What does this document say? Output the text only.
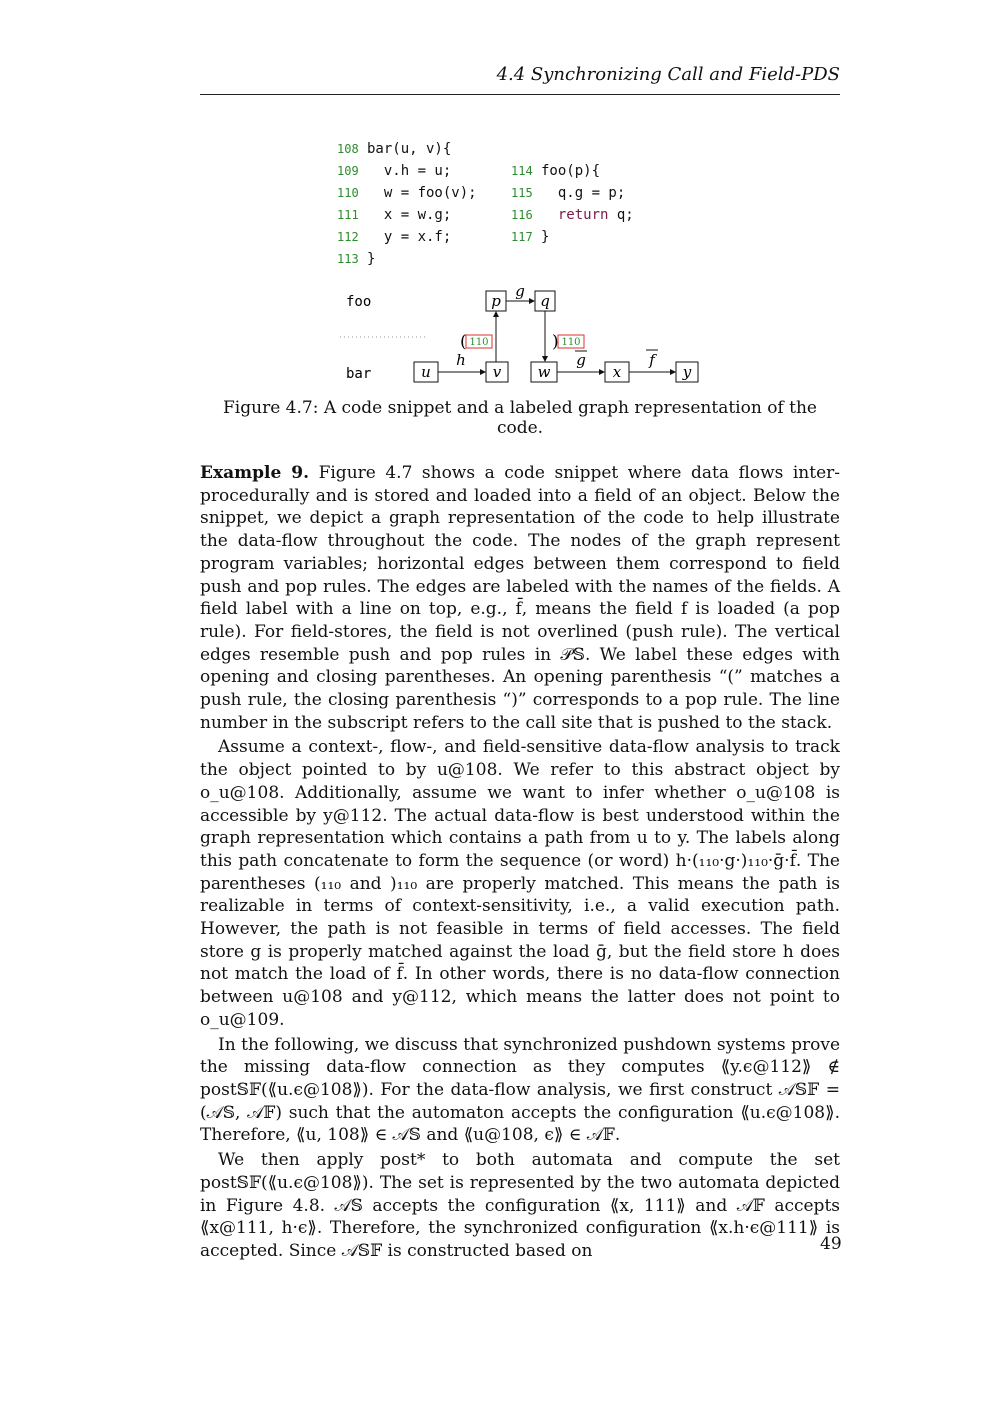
4.4 Synchronizing Call and Field-PDS
108 bar(u, v){
109  v.h = u;
110  w = foo(v);
111  x = w.g;
112  y = x.f;
113 }
114 foo(p){
115  q.g = p;
116 return q;
117 }
foo
bar
p	q
u	v w	x	y
g
h	g	f
( 110	) 110
Figure 4.7: A code snippet and a labeled graph representation of the code.

Example 9. Figure 4.7 shows a code snippet where data flows inter-procedurally and is stored and loaded into a field of an object. Below the snippet, we depict a graph representation of the code to help illustrate the data-flow throughout the code. The nodes of the graph represent program variables; horizontal edges between them correspond to field push and pop rules. The edges are labeled with the names of the fields. A field label with a line on top, e.g., f̄, means the field f is loaded (a pop rule). For field-stores, the field is not overlined (push rule). The vertical edges resemble push and pop rules in 𝒫𝕊. We label these edges with opening and closing parentheses. An opening parenthesis “(” matches a push rule, the closing parenthesis “)” corresponds to a pop rule. The line number in the subscript refers to the call site that is pushed to the stack.

Assume a context-, flow-, and field-sensitive data-flow analysis to track the object pointed to by u@108. We refer to this abstract object by o_u@108. Additionally, assume we want to infer whether o_u@108 is accessible by y@112. The actual data-flow is best understood within the graph representation which contains a path from u to y. The labels along this path concatenate to form the sequence (or word) h·(₁₁₀·g·)₁₁₀·ḡ·f̄. The parentheses (₁₁₀ and )₁₁₀ are properly matched. This means the path is realizable in terms of context-sensitivity, i.e., a valid execution path. However, the path is not feasible in terms of field accesses. The field store g is properly matched against the load ḡ, but the field store h does not match the load of f̄. In other words, there is no data-flow connection between u@108 and y@112, which means the latter does not point to o_u@109.

In the following, we discuss that synchronized pushdown systems prove the missing data-flow connection as they computes ⟪y.ϵ@112⟫ ∉ post𝕊𝔽(⟪u.ϵ@108⟫). For the data-flow analysis, we first construct 𝒜𝕊𝔽 = (𝒜𝕊, 𝒜𝔽) such that the automaton accepts the configuration ⟪u.ϵ@108⟫. Therefore, ⟪u, 108⟫ ∈ 𝒜𝕊 and ⟪u@108, ϵ⟫ ∈ 𝒜𝔽.

We then apply post* to both automata and compute the set post𝕊𝔽(⟪u.ϵ@108⟫). The set is represented by the two automata depicted in Figure 4.8. 𝒜𝕊 accepts the configuration ⟪x, 111⟫ and 𝒜𝔽 accepts ⟪x@111, h·ϵ⟫. Therefore, the synchronized configuration ⟪x.h·ϵ@111⟫ is accepted. Since 𝒜𝕊𝔽 is constructed based on	49
